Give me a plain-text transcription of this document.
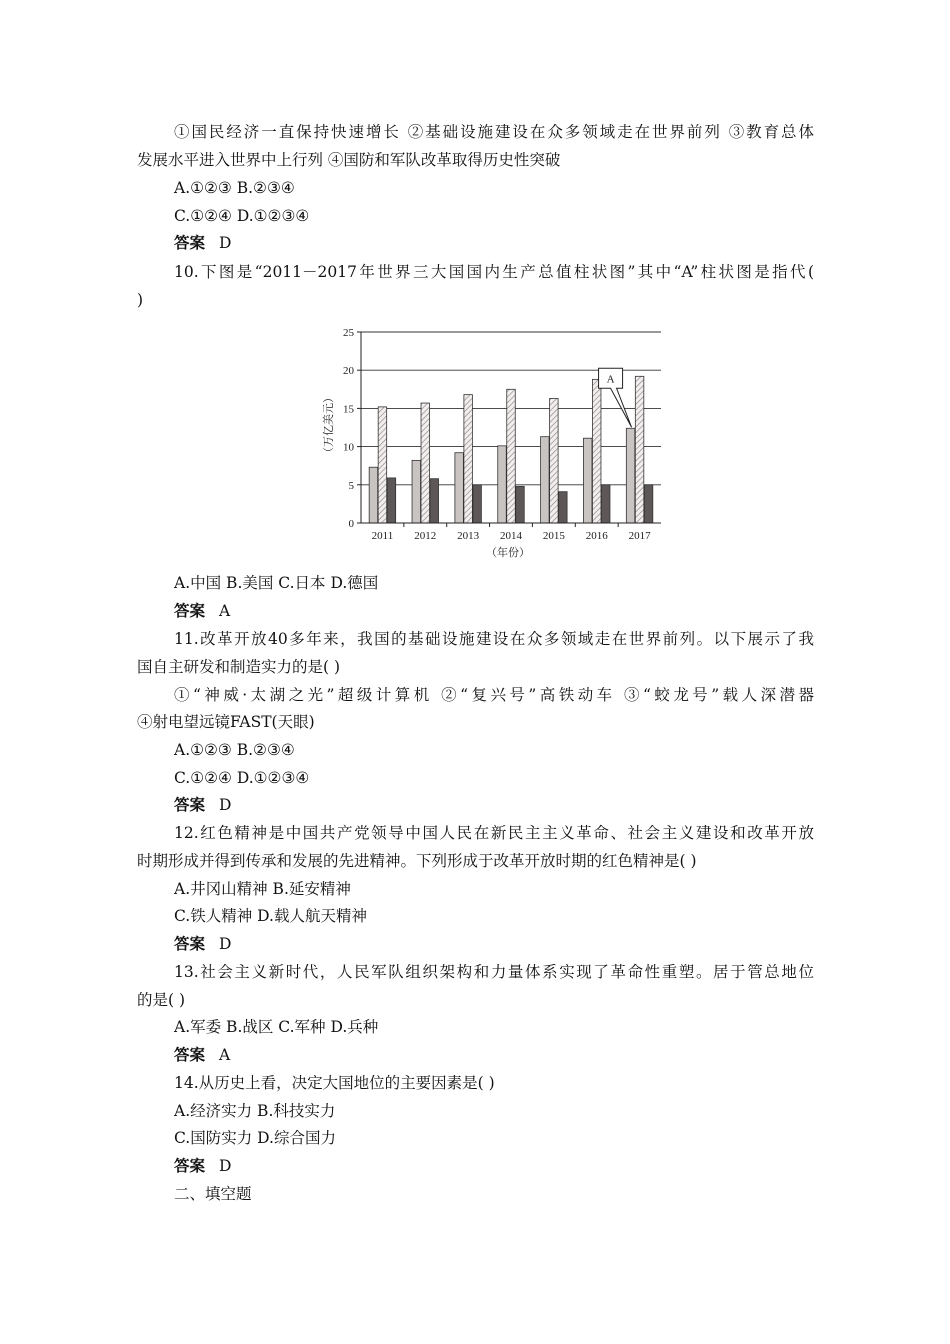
①国民经济一直保持快速增长 ②基础设施建设在众多领域走在世界前列 ③教育总体
发展水平进入世界中上行列 ④国防和军队改革取得历史性突破
A.①②③ B.②③④
C.①②④ D.①②③④
答案 D
10.下图是“2011－2017年世界三大国国内生产总值柱状图”其中“A”柱状图是指代(
)
0
5
10
15
20
25
2011 2012 2013 2014 2015 2016 2017
（万亿美元）
（年份）
A
A.中国 B.美国 C.日本 D.德国
答案 A
11.改革开放40多年来，我国的基础设施建设在众多领域走在世界前列。以下展示了我
国自主研发和制造实力的是( )
①“神威·太湖之光”超级计算机 ②“复兴号”高铁动车 ③“蛟龙号”载人深潜器
④射电望远镜FAST(天眼)
A.①②③ B.②③④
C.①②④ D.①②③④
答案 D
12.红色精神是中国共产党领导中国人民在新民主主义革命、社会主义建设和改革开放
时期形成并得到传承和发展的先进精神。下列形成于改革开放时期的红色精神是( )
A.井冈山精神 B.延安精神
C.铁人精神 D.载人航天精神
答案 D
13.社会主义新时代，人民军队组织架构和力量体系实现了革命性重塑。居于管总地位
的是( )
A.军委 B.战区 C.军种 D.兵种
答案 A
14.从历史上看，决定大国地位的主要因素是( )
A.经济实力 B.科技实力
C.国防实力 D.综合国力
答案 D
二、填空题
